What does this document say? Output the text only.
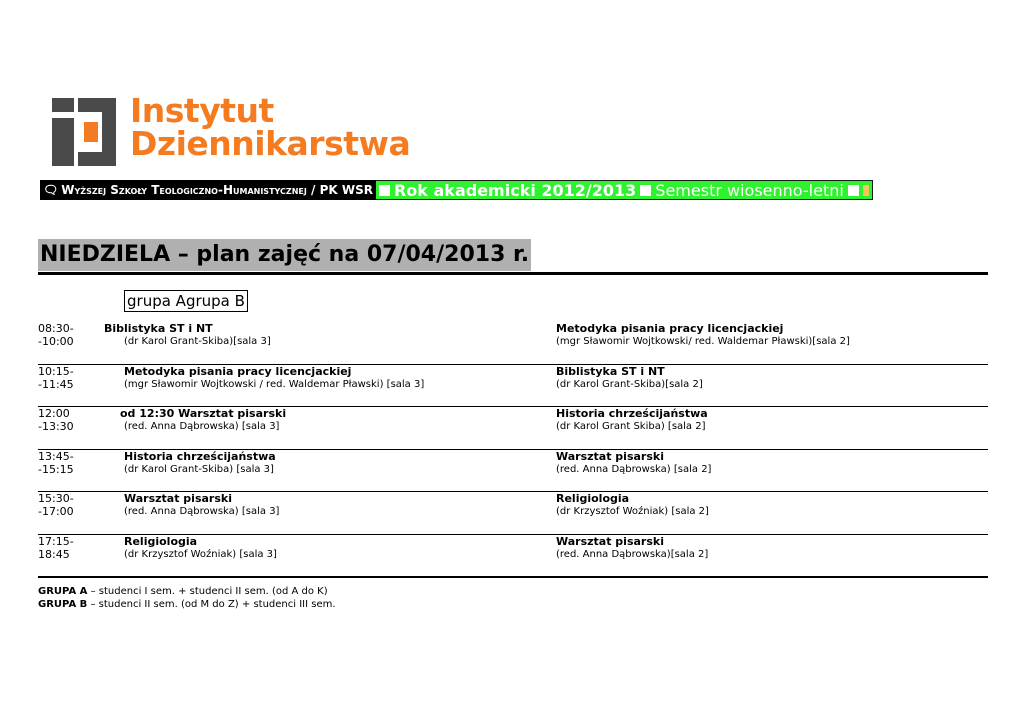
Instytut
Dziennikarstwa
🗨 Wyższej Szkoły Teologiczno-Humanistycznej / PK WSR Rok akademicki 2012/2013 Semestr wiosenno-letni
NIEDZIELA – plan zajęć na 07/04/2013 r.
grupa Agrupa B
08:30-
-10:00
Biblistyka ST i NT
(dr Karol Grant-Skiba)[sala 3]
Metodyka pisania pracy licencjackiej
(mgr Sławomir Wojtkowski/ red. Waldemar Pławski)[sala 2]
10:15-
-11:45
Metodyka pisania pracy licencjackiej
(mgr Sławomir Wojtkowski / red. Waldemar Pławski) [sala 3]
Biblistyka ST i NT
(dr Karol Grant-Skiba)[sala 2]
12:00
-13:30
od 12:30 Warsztat pisarski
(red. Anna Dąbrowska) [sala 3]
Historia chrześcijaństwa
(dr Karol Grant Skiba) [sala 2]
13:45-
-15:15
Historia chrześcijaństwa
(dr Karol Grant-Skiba) [sala 3]
Warsztat pisarski
(red. Anna Dąbrowska) [sala 2]
15:30-
-17:00
Warsztat pisarski
(red. Anna Dąbrowska) [sala 3]
Religiologia
(dr Krzysztof Woźniak) [sala 2]
17:15-
18:45
Religiologia
(dr Krzysztof Woźniak) [sala 3]
Warsztat pisarski
(red. Anna Dąbrowska)[sala 2]
GRUPA A – studenci I sem. + studenci II sem. (od A do K)
GRUPA B – studenci II sem. (od M do Z) + studenci III sem.
